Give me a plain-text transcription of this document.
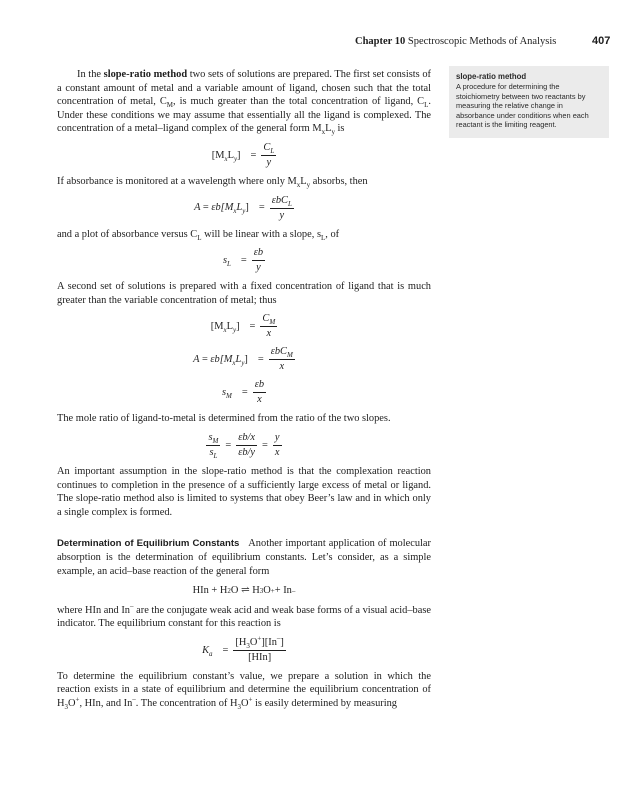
Chapter 10 Spectroscopic Methods of Analysis	407
slope-ratio method
A procedure for determining the stoichiometry between two reactants by measuring the relative change in absorbance under conditions when each reactant is the limiting reagent.

In the slope-ratio method two sets of solutions are prepared. The first set consists of a constant amount of metal and a variable amount of ligand, chosen such that the total concentration of metal, $C_M$, is much greater than the total concentration of ligand, $C_L$. Under these conditions we may assume that essentially all the ligand is complexed. The concentration of a metal–ligand complex of the general form $M_xL_y$ is

$[M_xL_y] = \frac{C_L}{y}$

If absorbance is monitored at a wavelength where only $M_xL_y$ absorbs, then

$A = \varepsilon b[M_xL_y] = \frac{\varepsilon bC_L}{y}$

and a plot of absorbance versus $C_L$ will be linear with a slope, $s_L$, of

$s_L = \frac{\varepsilon b}{y}$

A second set of solutions is prepared with a fixed concentration of ligand that is much greater than the variable concentration of metal; thus

$[M_xL_y] = \frac{C_M}{x}$
$A = \varepsilon b[M_xL_y] = \frac{\varepsilon bC_M}{x}$
$s_M = \frac{\varepsilon b}{x}$

The mole ratio of ligand-to-metal is determined from the ratio of the two slopes.

$\frac{s_M}{s_L} = \frac{\varepsilon b/x}{\varepsilon b/y} = \frac{y}{x}$

An important assumption in the slope-ratio method is that the complexation reaction continues to completion in the presence of a sufficiently large excess of metal or ligand. The slope-ratio method also is limited to systems that obey Beer’s law and in which only a single complex is formed.

Determination of Equilibrium Constants Another important application of molecular absorption is the determination of equilibrium constants. Let’s consider, as a simple example, an acid–base reaction of the general form

HIn + H 2 O ⇌ H 3 O + + In –

where HIn and In– are the conjugate weak acid and weak base forms of a visual acid–base indicator. The equilibrium constant for this reaction is

$K_a = \frac{[H_3O^+][In^-]}{\text{[HIn]}}$

To determine the equilibrium constant’s value, we prepare a solution in which the reaction exists in a state of equilibrium and determine the equilibrium concentration of $H_3O^+$, HIn, and In–. The concentration of $H_3O^+$ is easily determined by measuring
